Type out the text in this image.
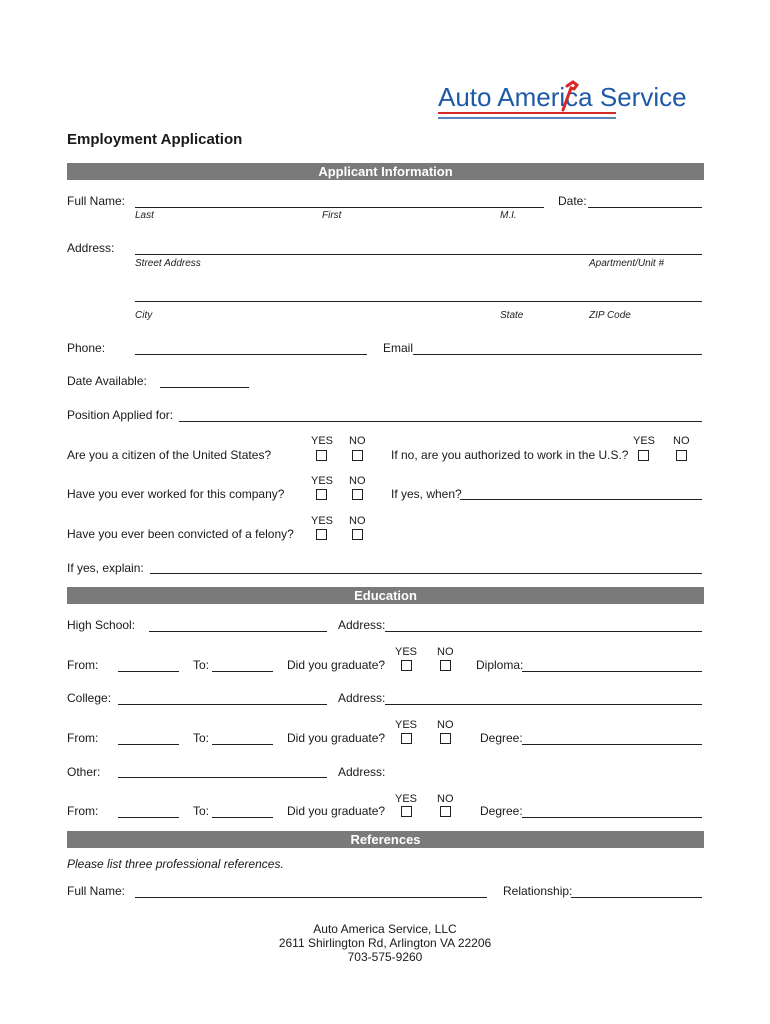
Auto America Service
Employment Application
Applicant Information
Full Name:	Date:
Last	First	M.I.
Address:
Street Address	Apartment/Unit #
City	State	ZIP Code
Phone:	Email
Date Available:
Position Applied for:
Are you a citizen of the United States?
YES NO
If no, are you authorized to work in the U.S.?
YES NO
Have you ever worked for this company?
YES NO
If yes, when?
Have you ever been convicted of a felony?
YES NO
If yes, explain:
Education
High School:	Address:
From:	To:	Did you graduate?
YES NO
Diploma:
College:	Address:
From:	To:	Did you graduate?
YES NO
Degree:
Other:	Address:
From:	To:	Did you graduate?
YES NO
Degree:
References
Please list three professional references.
Full Name:	Relationship:
Auto America Service, LLC
2611 Shirlington Rd, Arlington VA 22206
703-575-9260
